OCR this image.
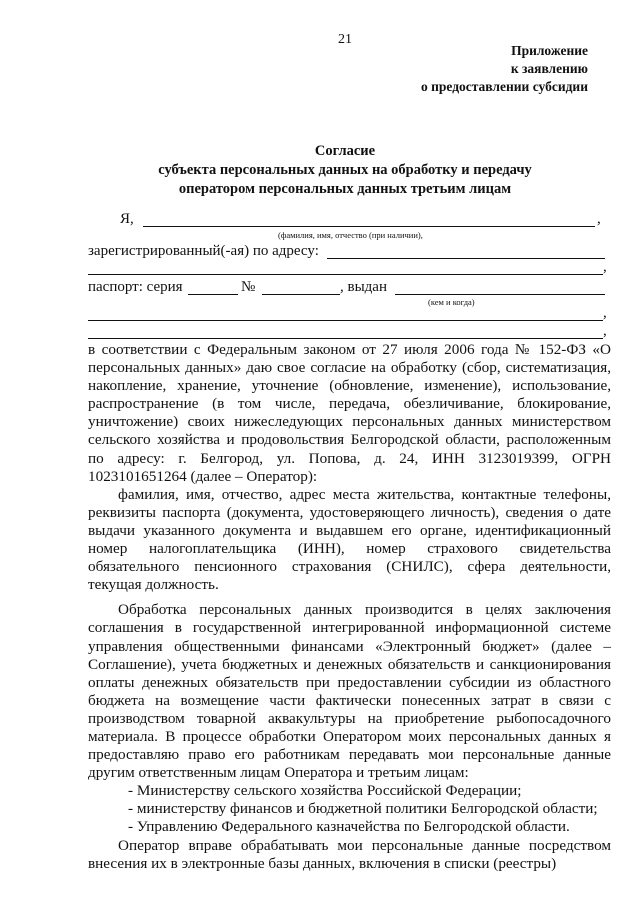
21
Приложение
к заявлению
о предоставлении субсидии
Согласие
субъекта персональных данных на обработку и передачу
оператором персональных данных третьим лицам
Я,	,
(фамилия, имя, отчество (при наличии),
зарегистрированный(-ая) по адресу:
,
паспорт: серия	№	, выдан
(кем и когда)
,
,

в соответствии с Федеральным законом от 27 июля 2006 года № 152-ФЗ «О персональных данных» даю свое согласие на обработку (сбор, систематизация, накопление, хранение, уточнение (обновление, изменение), использование, распространение (в том числе, передача, обезличивание, блокирование, уничтожение) своих нижеследующих персональных данных министерством сельского хозяйства и продовольствия Белгородской области, расположенным по адресу: г. Белгород, ул. Попова, д. 24, ИНН 3123019399, ОГРН 1023101651264 (далее – Оператор):

фамилия, имя, отчество, адрес места жительства, контактные телефоны, реквизиты паспорта (документа, удостоверяющего личность), сведения о дате выдачи указанного документа и выдавшем его органе, идентификационный номер налогоплательщика (ИНН), номер страхового свидетельства обязательного пенсионного страхования (СНИЛС), сфера деятельности, текущая должность.

Обработка персональных данных производится в целях заключения соглашения в государственной интегрированной информационной системе управления общественными финансами «Электронный бюджет» (далее – Соглашение), учета бюджетных и денежных обязательств и санкционирования оплаты денежных обязательств при предоставлении субсидии из областного бюджета на возмещение части фактически понесенных затрат в связи с производством товарной аквакультуры на приобретение рыбопосадочного материала. В процессе обработки Оператором моих персональных данных я предоставляю право его работникам передавать мои персональные данные другим ответственным лицам Оператора и третьим лицам:

- Министерству сельского хозяйства Российской Федерации;

- министерству финансов и бюджетной политики Белгородской области;

- Управлению Федерального казначейства по Белгородской области.

Оператор вправе обрабатывать мои персональные данные посредством внесения их в электронные базы данных, включения в списки (реестры)
